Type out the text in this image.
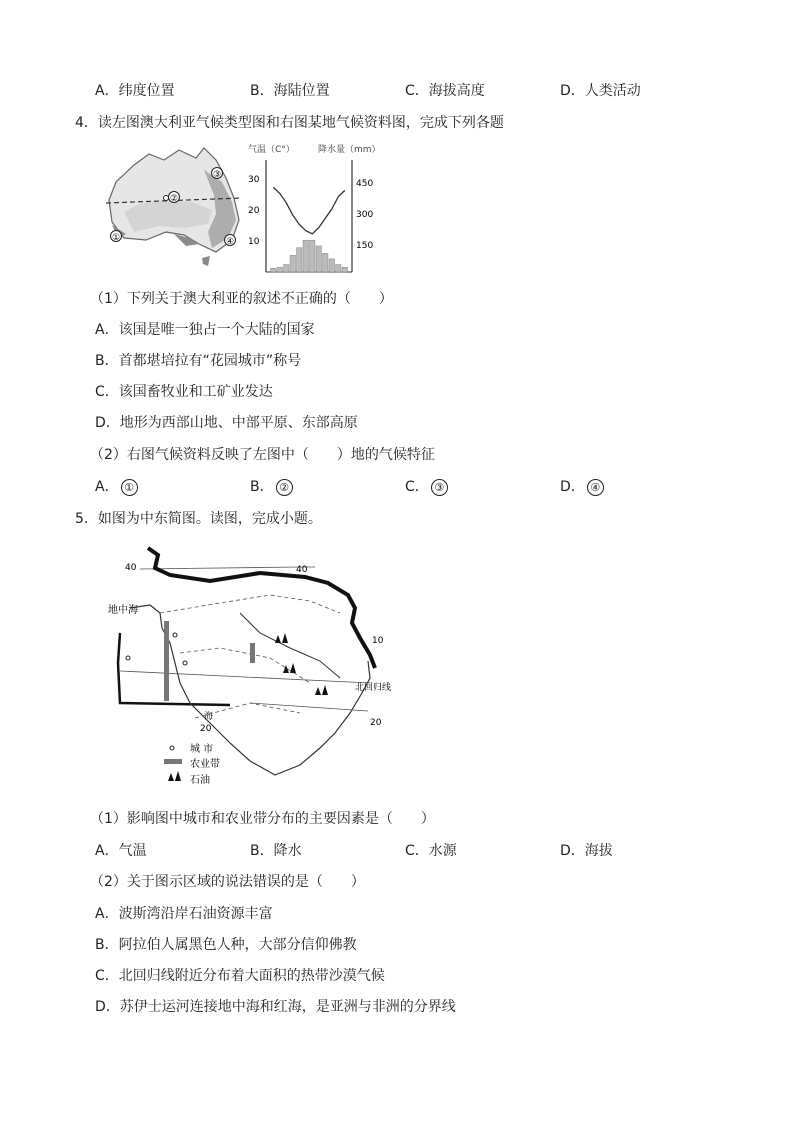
A．纬度位置	B．海陆位置	C．海拔高度	D．人类活动
4．读左图澳大利亚气候类型图和右图某地气候资料图，完成下列各题
②
③
④
①
气温（C°）	降水量（mm）
30
20
10
450
300
150
（1）下列关于澳大利亚的叙述不正确的（　　）
A．该国是唯一独占一个大陆的国家
B．首都堪培拉有“花园城市”称号
C．该国畜牧业和工矿业发达
D．地形为西部山地、中部平原、东部高原
（2）右图气候资料反映了左图中（　　）地的气候特征
A． ①	B． ②	C． ③	D． ④
5．如图为中东简图。读图，完成小题。
40	40
地中海
北回归线
20
20
海
10
城 市
农业带
石油
（1）影响图中城市和农业带分布的主要因素是（　　）
A．气温	B．降水	C．水源	D．海拔
（2）关于图示区域的说法错误的是（　　）
A．波斯湾沿岸石油资源丰富
B．阿拉伯人属黑色人种，大部分信仰佛教
C．北回归线附近分布着大面积的热带沙漠气候
D．苏伊士运河连接地中海和红海，是亚洲与非洲的分界线
